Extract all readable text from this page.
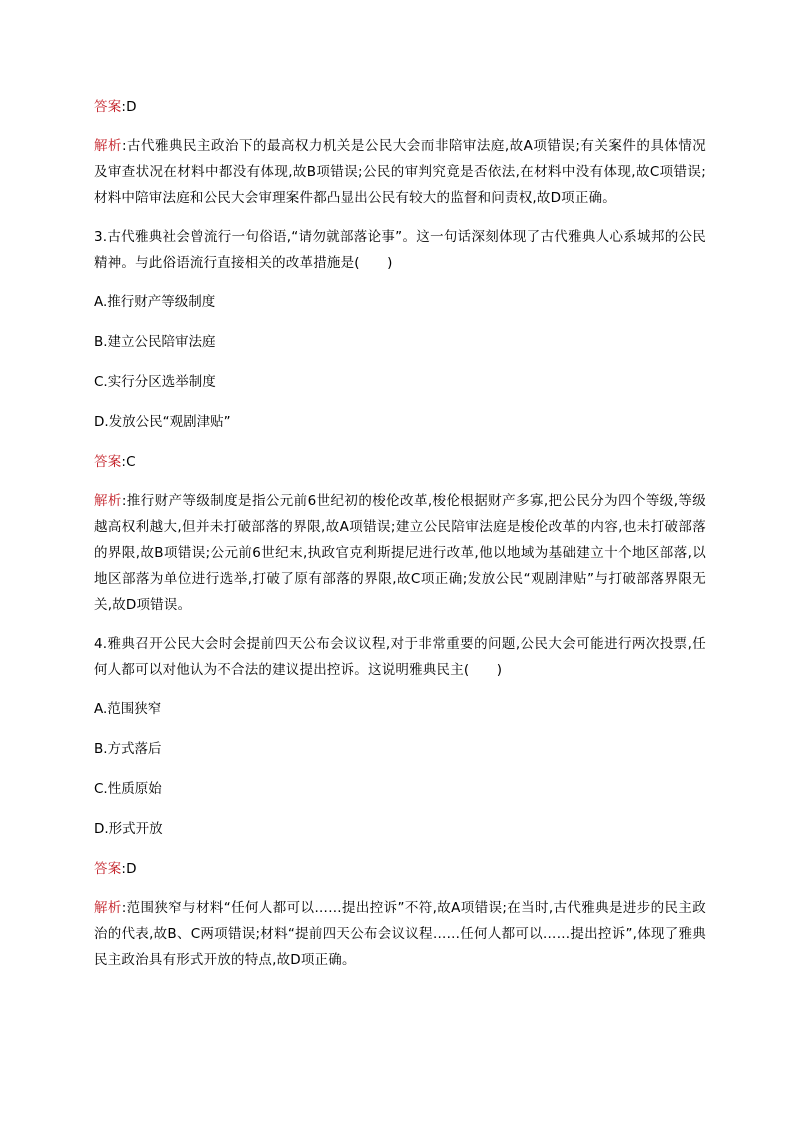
答案:D

解析:古代雅典民主政治下的最高权力机关是公民大会而非陪审法庭,故A项错误;有关案件的具体情况及审查状况在材料中都没有体现,故B项错误;公民的审判究竟是否依法,在材料中没有体现,故C项错误;材料中陪审法庭和公民大会审理案件都凸显出公民有较大的监督和问责权,故D项正确。

3.古代雅典社会曾流行一句俗语,“请勿就部落论事”。这一句话深刻体现了古代雅典人心系城邦的公民精神。与此俗语流行直接相关的改革措施是(　　)

A.推行财产等级制度

B.建立公民陪审法庭

C.实行分区选举制度

D.发放公民“观剧津贴”

答案:C

解析:推行财产等级制度是指公元前6世纪初的梭伦改革,梭伦根据财产多寡,把公民分为四个等级,等级越高权利越大,但并未打破部落的界限,故A项错误;建立公民陪审法庭是梭伦改革的内容,也未打破部落的界限,故B项错误;公元前6世纪末,执政官克利斯提尼进行改革,他以地域为基础建立十个地区部落,以地区部落为单位进行选举,打破了原有部落的界限,故C项正确;发放公民“观剧津贴”与打破部落界限无关,故D项错误。

4.雅典召开公民大会时会提前四天公布会议议程,对于非常重要的问题,公民大会可能进行两次投票,任何人都可以对他认为不合法的建议提出控诉。这说明雅典民主(　　)

A.范围狭窄

B.方式落后

C.性质原始

D.形式开放

答案:D

解析:范围狭窄与材料“任何人都可以……提出控诉”不符,故A项错误;在当时,古代雅典是进步的民主政治的代表,故B、C两项错误;材料“提前四天公布会议议程……任何人都可以……提出控诉”,体现了雅典民主政治具有形式开放的特点,故D项正确。
